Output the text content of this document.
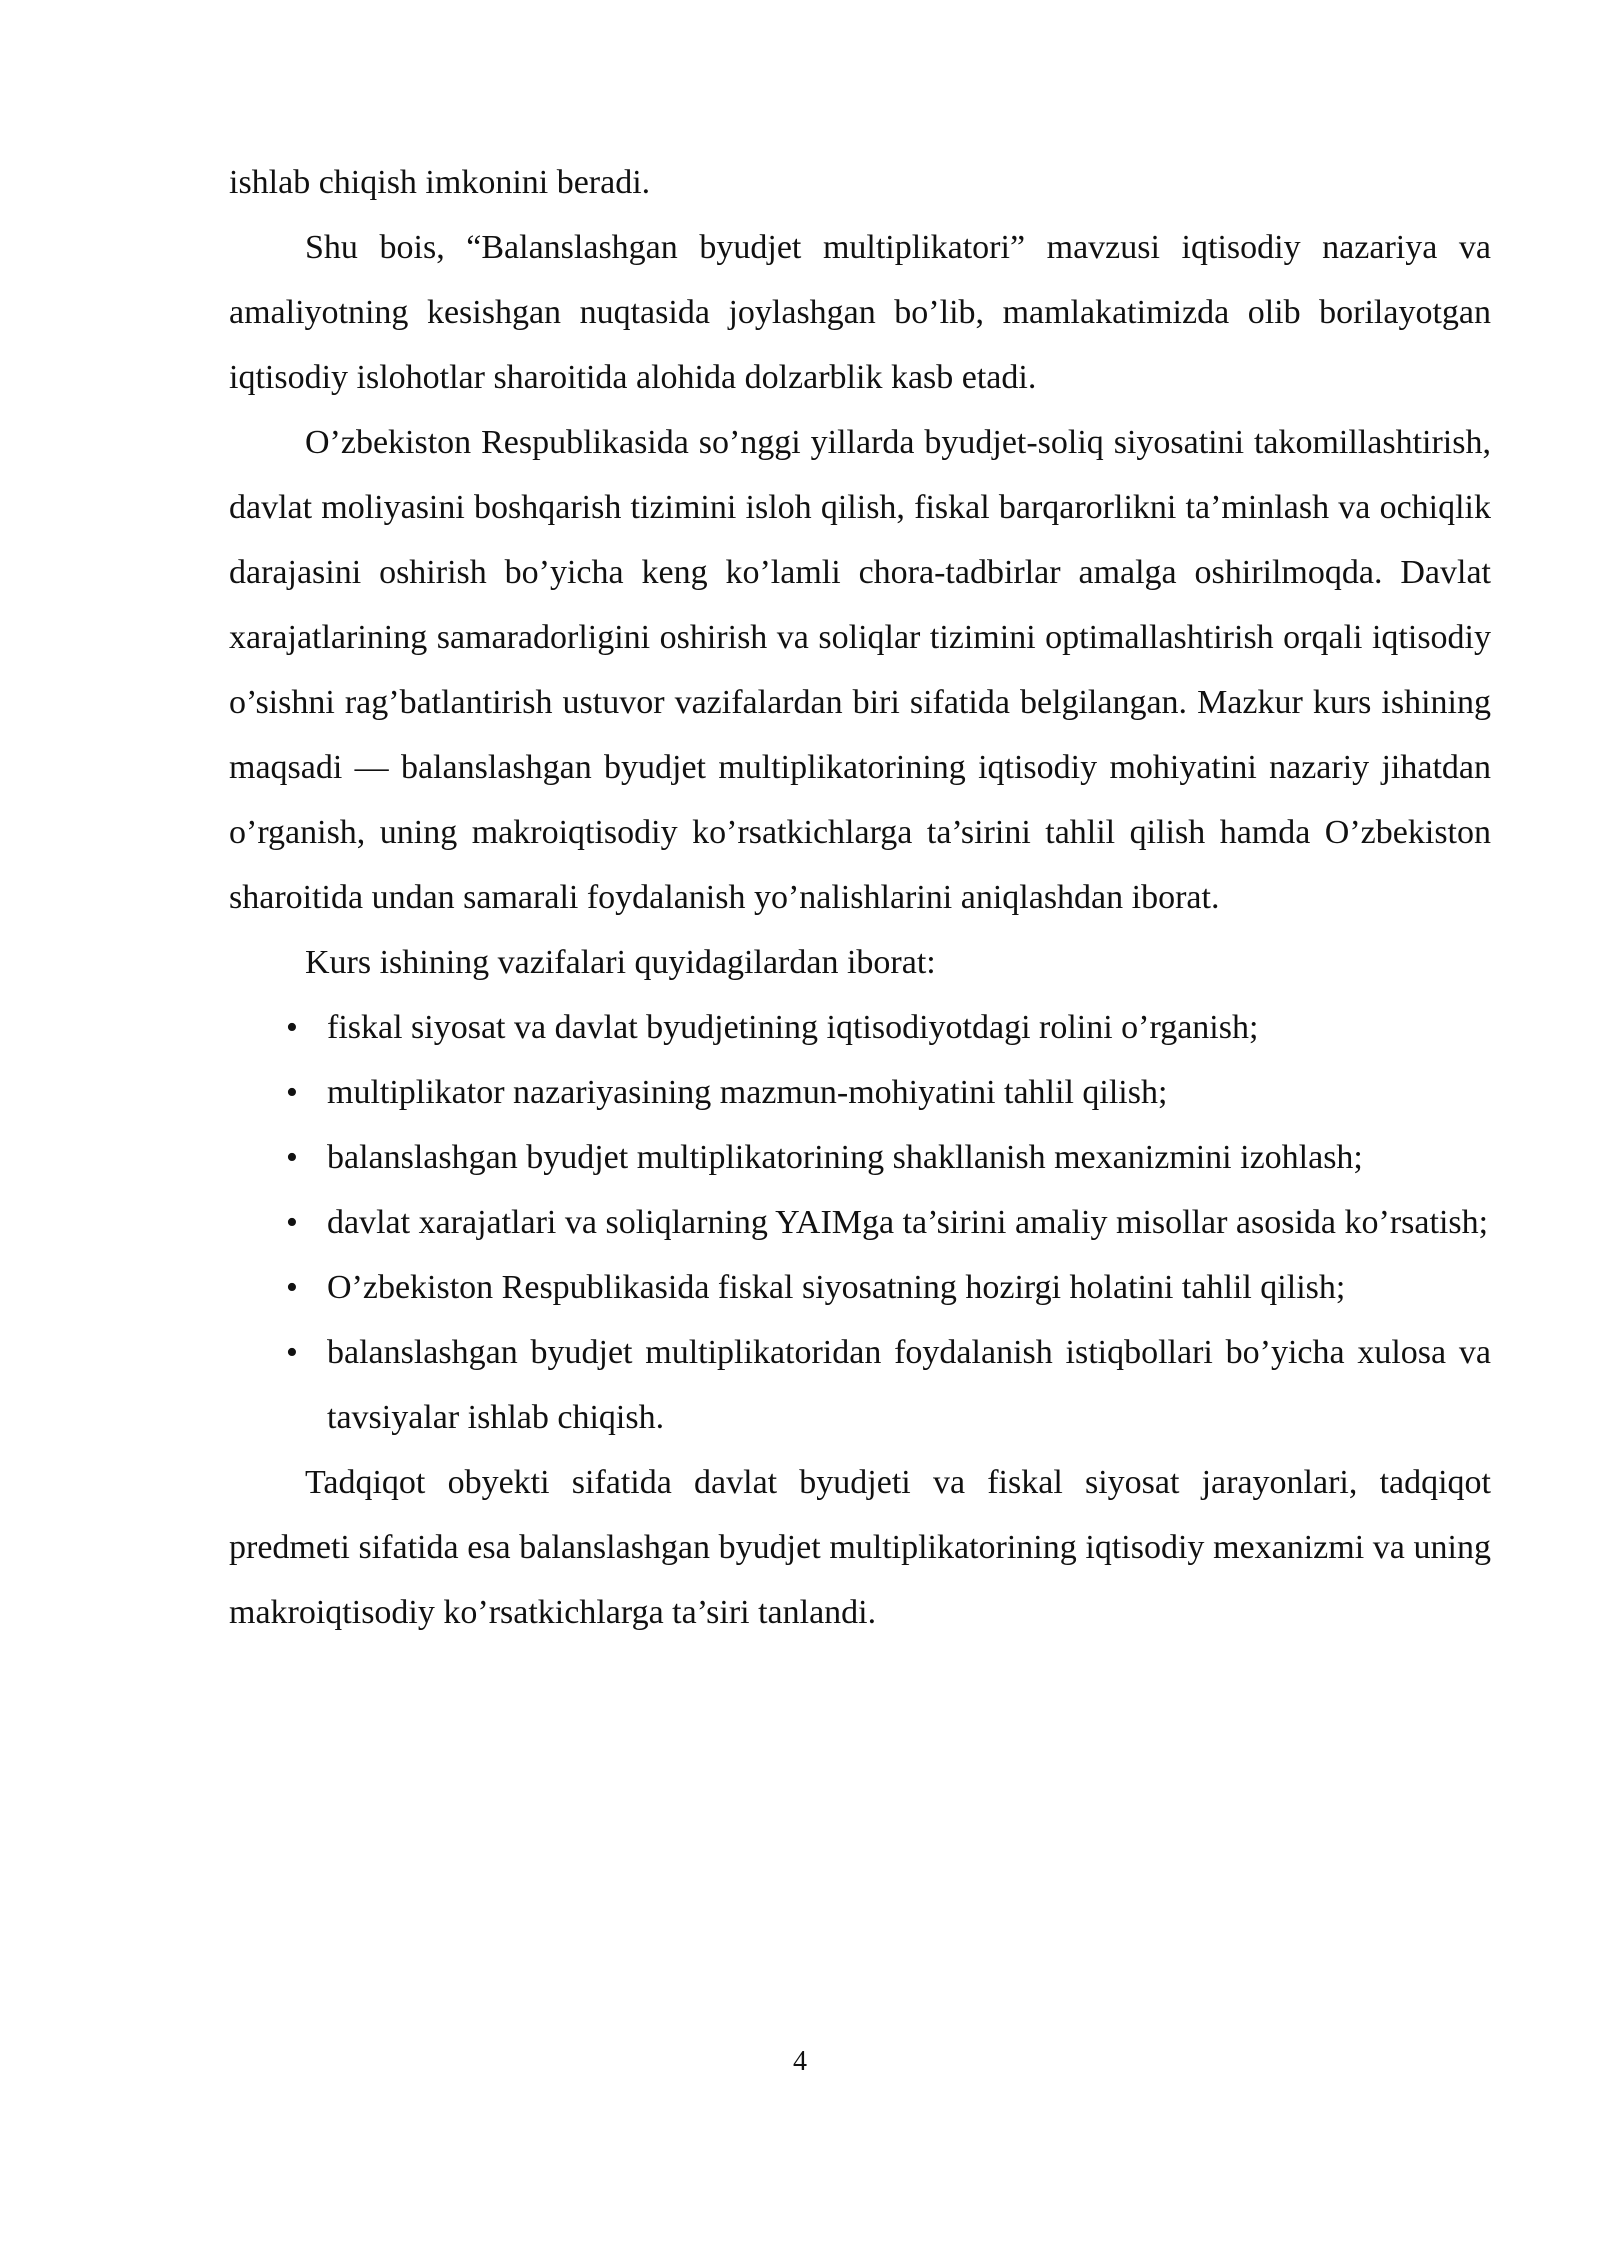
ishlab chiqish imkonini beradi.

Shu bois, “Balanslashgan byudjet multiplikatori” mavzusi iqtisodiy nazariya va amaliyotning kesishgan nuqtasida joylashgan bo’lib, mamlakatimizda olib borilayotgan iqtisodiy islohotlar sharoitida alohida dolzarblik kasb etadi.

O’zbekiston Respublikasida so’nggi yillarda byudjet-soliq siyosatini takomillashtirish, davlat moliyasini boshqarish tizimini isloh qilish, fiskal barqarorlikni ta’minlash va ochiqlik darajasini oshirish bo’yicha keng ko’lamli chora-tadbirlar amalga oshirilmoqda. Davlat xarajatlarining samaradorligini oshirish va soliqlar tizimini optimallashtirish orqali iqtisodiy o’sishni rag’batlantirish ustuvor vazifalardan biri sifatida belgilangan. Mazkur kurs ishining maqsadi — balanslashgan byudjet multiplikatorining iqtisodiy mohiyatini nazariy jihatdan o’rganish, uning makroiqtisodiy ko’rsatkichlarga ta’sirini tahlil qilish hamda O’zbekiston sharoitida undan samarali foydalanish yo’nalishlarini aniqlashdan iborat.

Kurs ishining vazifalari quyidagilardan iborat:

• fiskal siyosat va davlat byudjetining iqtisodiyotdagi rolini o’rganish;
• multiplikator nazariyasining mazmun-mohiyatini tahlil qilish;
• balanslashgan byudjet multiplikatorining shakllanish mexanizmini izohlash;
• davlat xarajatlari va soliqlarning YAIMga ta’sirini amaliy misollar asosida ko’rsatish;
• O’zbekiston Respublikasida fiskal siyosatning hozirgi holatini tahlil qilish;
• balanslashgan byudjet multiplikatoridan foydalanish istiqbollari bo’yicha xulosa va tavsiyalar ishlab chiqish.

Tadqiqot obyekti sifatida davlat byudjeti va fiskal siyosat jarayonlari, tadqiqot predmeti sifatida esa balanslashgan byudjet multiplikatorining iqtisodiy mexanizmi va uning makroiqtisodiy ko’rsatkichlarga ta’siri tanlandi.

4
